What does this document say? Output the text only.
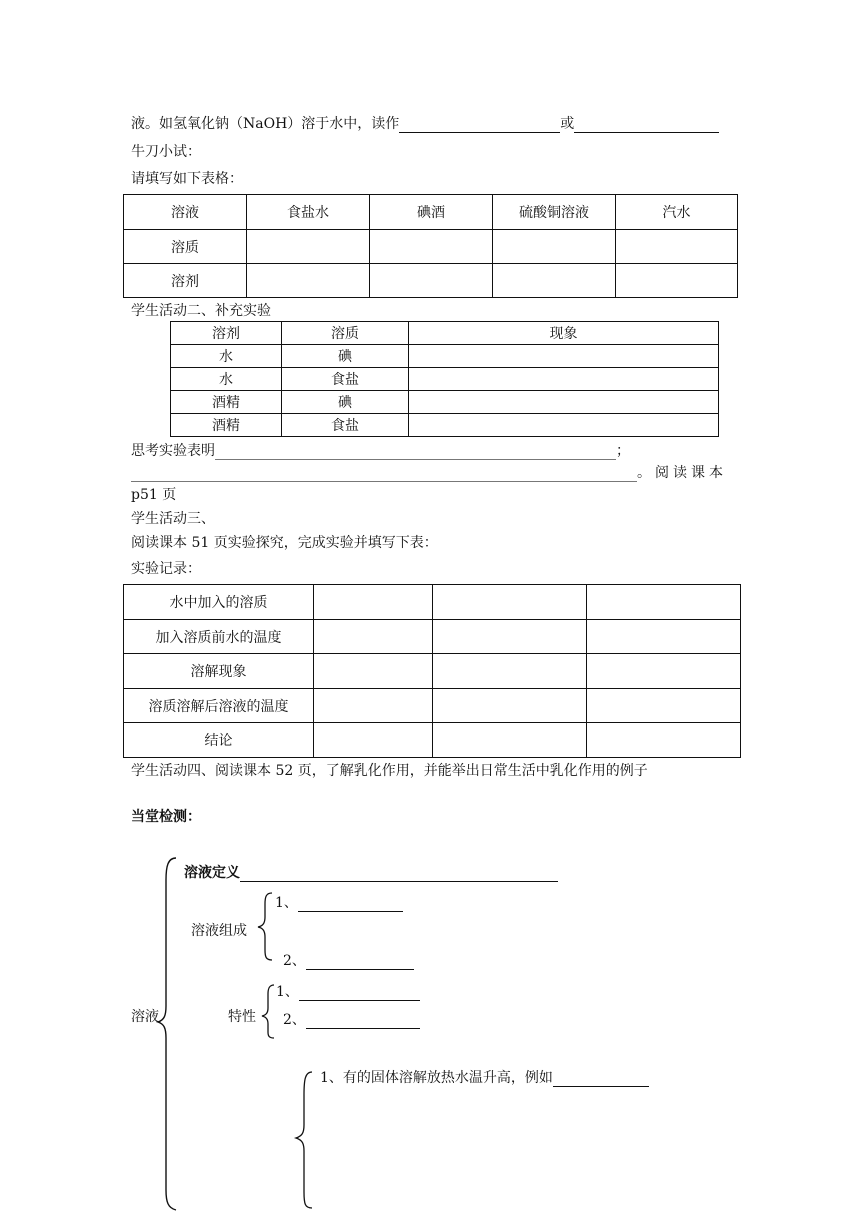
液。如氢氧化钠（NaOH）溶于水中，读作	或
牛刀小试：
请填写如下表格：
溶液	食盐水	碘酒	硫酸铜溶液	汽水
溶质				
溶剂				
学生活动二、补充实验
溶剂	溶质	现象
水	碘	
水	食盐	
酒精	碘	
酒精	食盐	
思考实验表明	；
。阅读课本
p51 页
学生活动三、
阅读课本 51 页实验探究，完成实验并填写下表：
实验记录：
水中加入的溶质			
加入溶质前水的温度			
溶解现象			
溶质溶解后溶液的温度			
结论			
学生活动四、阅读课本 52 页，了解乳化作用，并能举出日常生活中乳化作用的例子
当堂检测：
溶液定义
1、
溶液组成
2、
1、
溶液	特性 2、
1、有的固体溶解放热水温升高，例如
